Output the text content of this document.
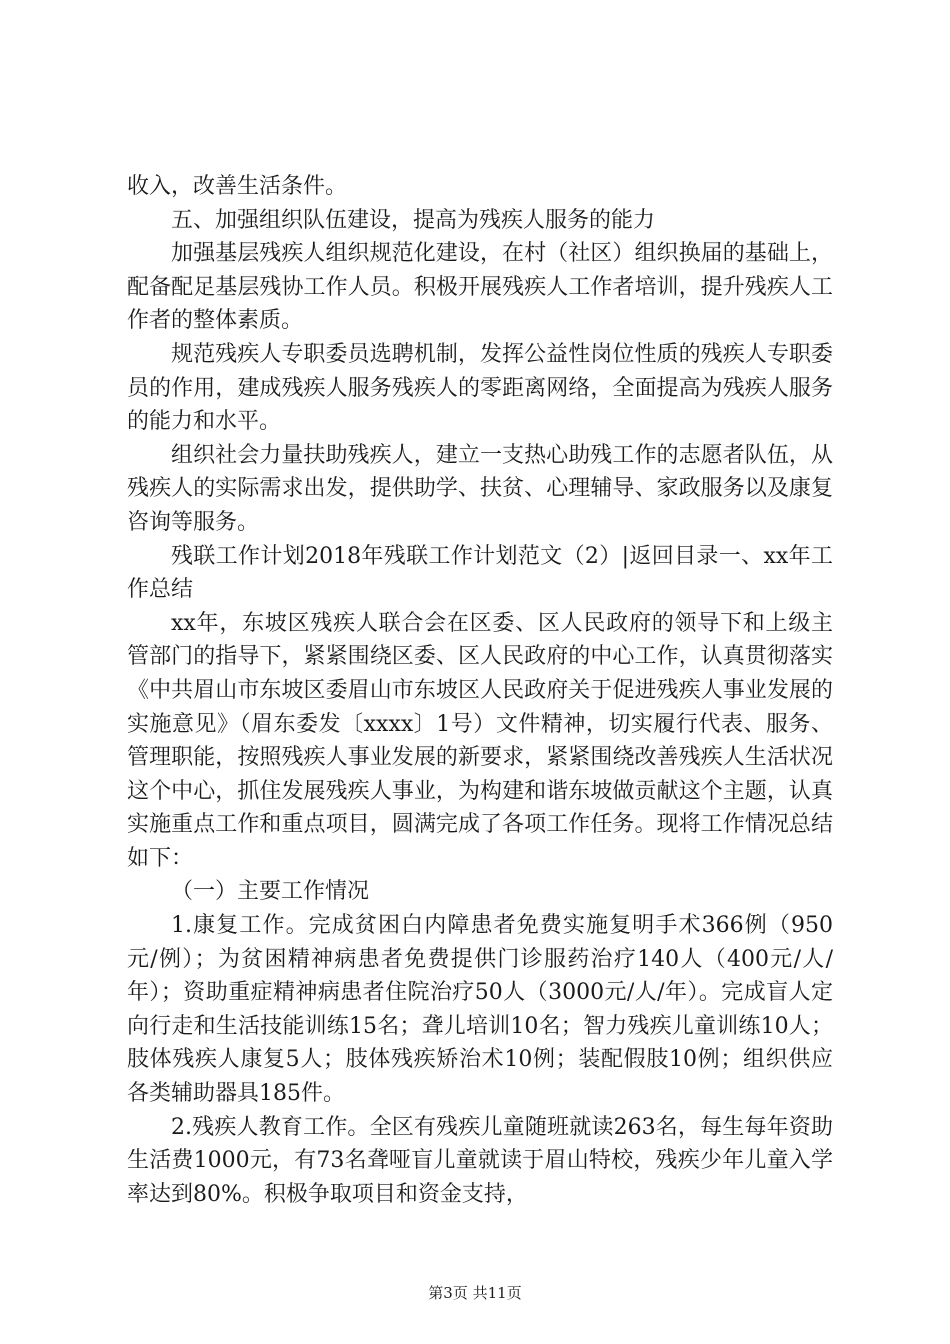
收入，改善生活条件。

五、加强组织队伍建设，提高为残疾人服务的能力

加强基层残疾人组织规范化建设，在村（社区）组织换届的基础上，配备配足基层残协工作人员。积极开展残疾人工作者培训，提升残疾人工作者的整体素质。

规范残疾人专职委员选聘机制，发挥公益性岗位性质的残疾人专职委员的作用，建成残疾人服务残疾人的零距离网络，全面提高为残疾人服务的能力和水平。

组织社会力量扶助残疾人，建立一支热心助残工作的志愿者队伍，从残疾人的实际需求出发，提供助学、扶贫、心理辅导、家政服务以及康复咨询等服务。

残联工作计划2018年残联工作计划范文（2）|返回目录一、xx年工作总结

xx年，东坡区残疾人联合会在区委、区人民政府的领导下和上级主管部门的指导下，紧紧围绕区委、区人民政府的中心工作，认真贯彻落实《中共眉山市东坡区委眉山市东坡区人民政府关于促进残疾人事业发展的实施意见》（眉东委发〔xxxx〕1号）文件精神，切实履行代表、服务、管理职能，按照残疾人事业发展的新要求，紧紧围绕改善残疾人生活状况这个中心，抓住发展残疾人事业，为构建和谐东坡做贡献这个主题，认真实施重点工作和重点项目，圆满完成了各项工作任务。现将工作情况总结如下：

（一）主要工作情况

1.康复工作。完成贫困白内障患者免费实施复明手术366例（950元/例）；为贫困精神病患者免费提供门诊服药治疗140人（400元/人/年）；资助重症精神病患者住院治疗50人（3000元/人/年）。完成盲人定向行走和生活技能训练15名；聋儿培训10名；智力残疾儿童训练10人；肢体残疾人康复5人；肢体残疾矫治术10例；装配假肢10例；组织供应各类辅助器具185件。

2.残疾人教育工作。全区有残疾儿童随班就读263名，每生每年资助生活费1000元，有73名聋哑盲儿童就读于眉山特校，残疾少年儿童入学率达到80%。积极争取项目和资金支持，

第3页 共11页
